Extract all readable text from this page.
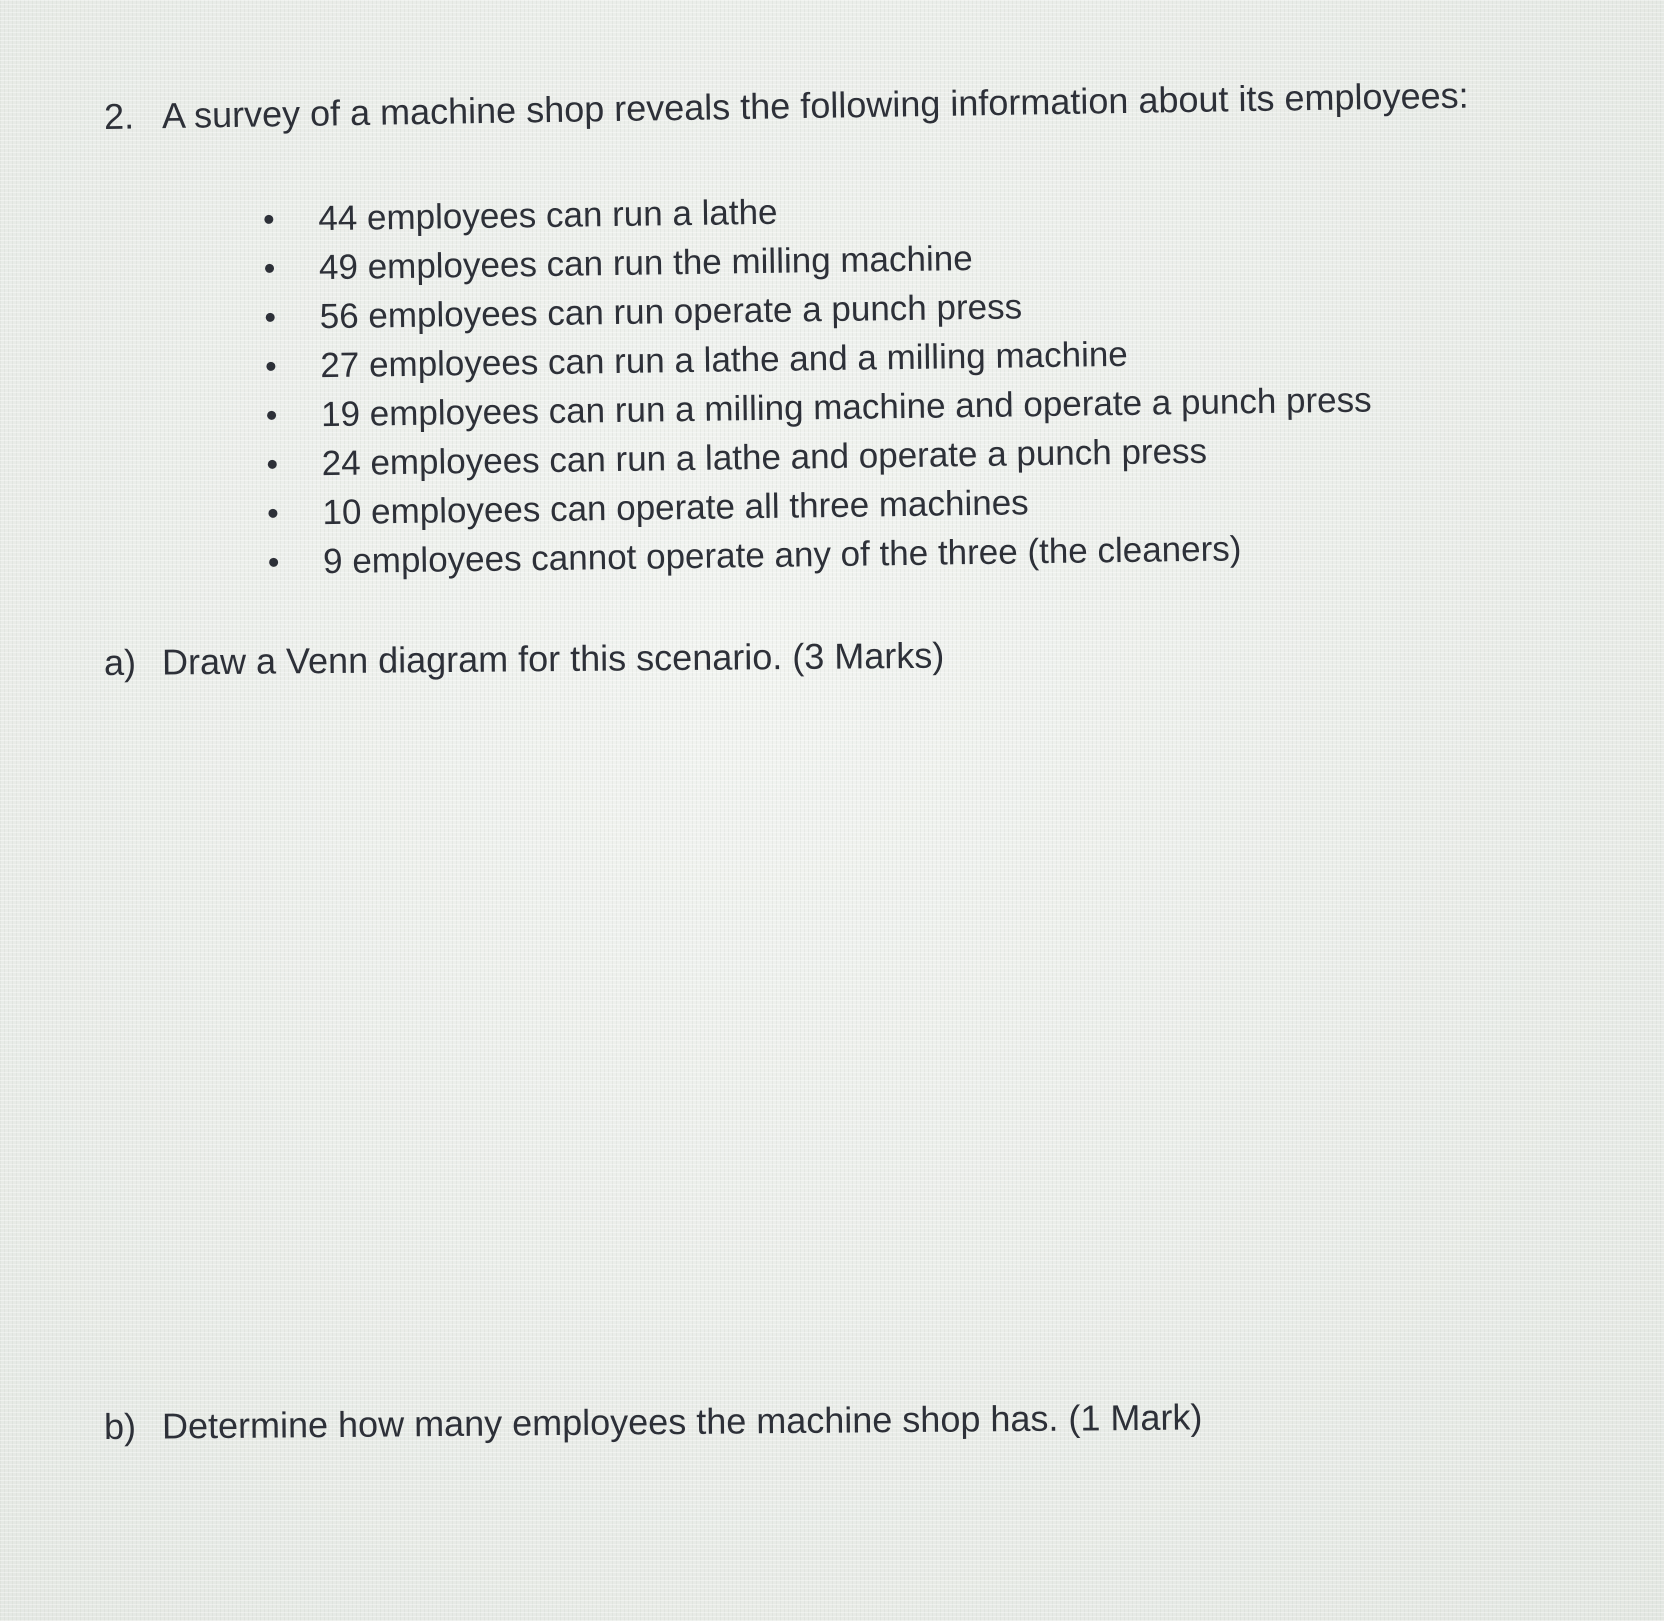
2. A survey of a machine shop reveals the following information about its employees:
44 employees can run a lathe
49 employees can run the milling machine
56 employees can run operate a punch press
27 employees can run a lathe and a milling machine
19 employees can run a milling machine and operate a punch press
24 employees can run a lathe and operate a punch press
10 employees can operate all three machines
9 employees cannot operate any of the three (the cleaners)
a) Draw a Venn diagram for this scenario. (3 Marks)
b) Determine how many employees the machine shop has. (1 Mark)
